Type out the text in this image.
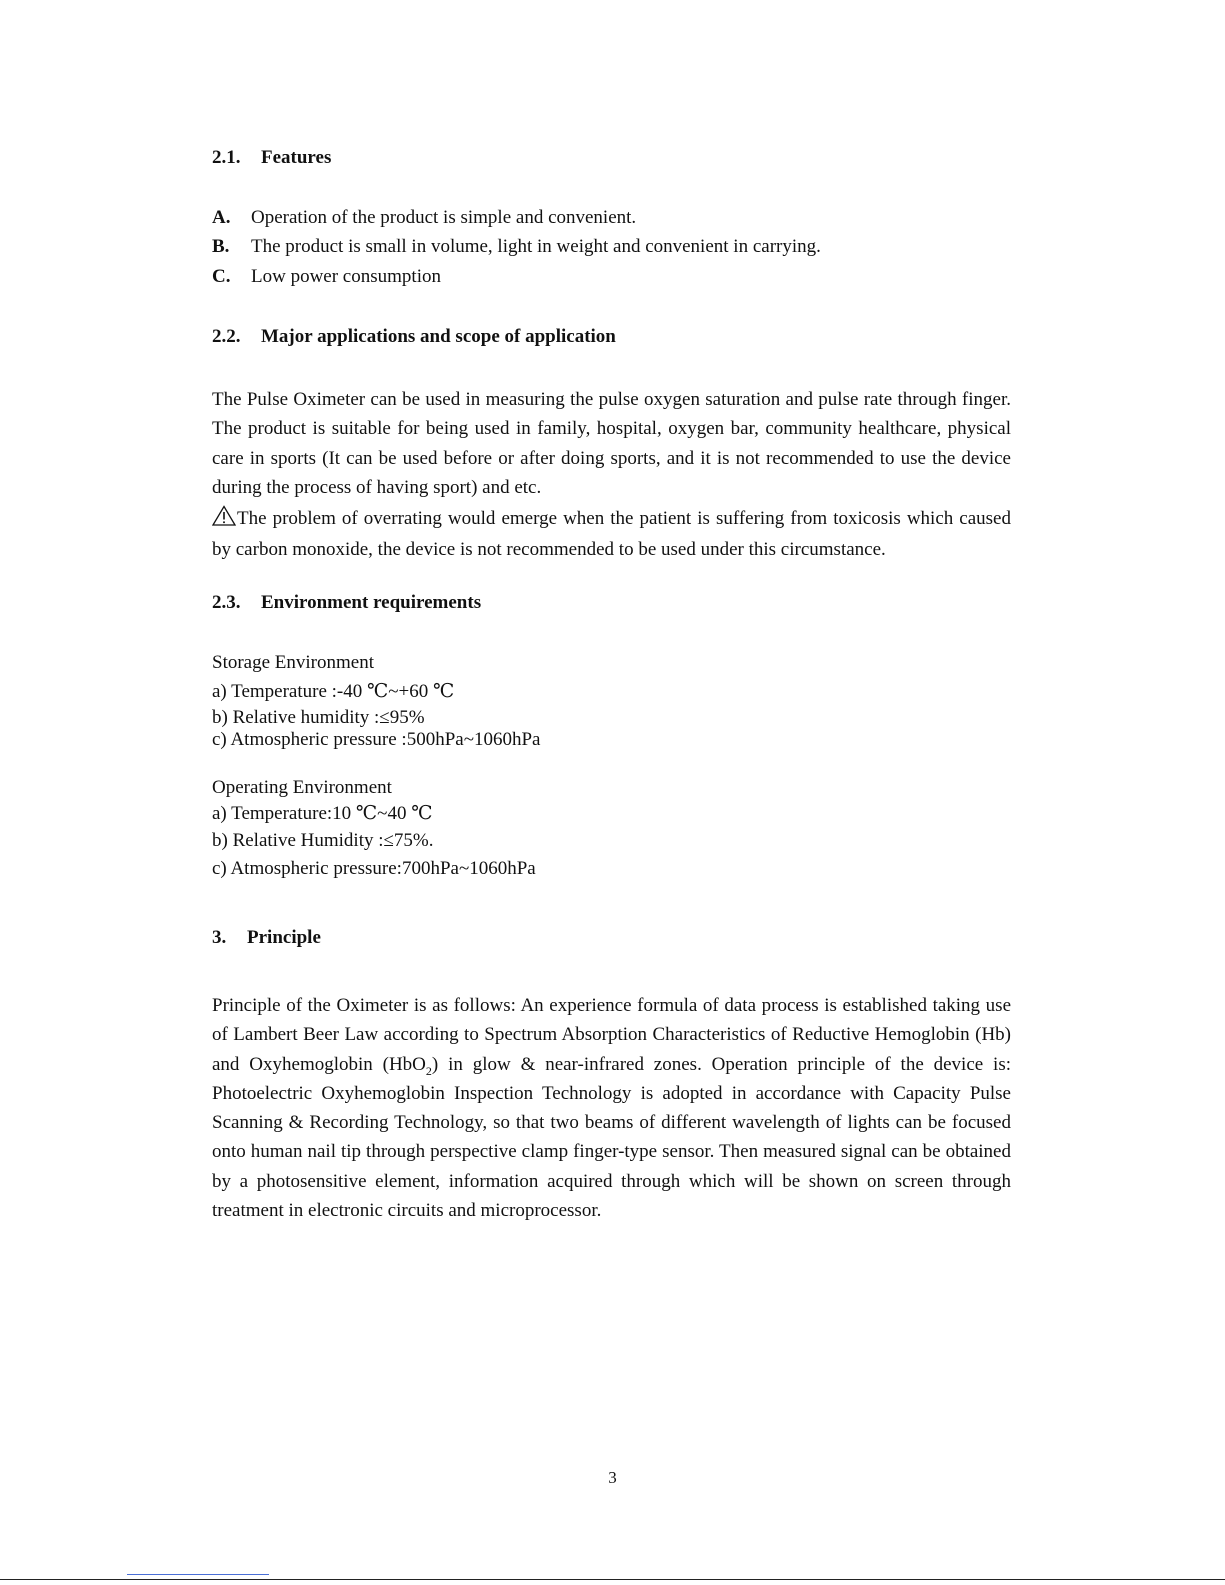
2.1. Features
A. Operation of the product is simple and convenient.
B. The product is small in volume, light in weight and convenient in carrying.
C. Low power consumption
2.2. Major applications and scope of application
The Pulse Oximeter can be used in measuring the pulse oxygen saturation and pulse rate through finger. The product is suitable for being used in family, hospital, oxygen bar, community healthcare, physical care in sports (It can be used before or after doing sports, and it is not recommended to use the device during the process of having sport) and etc.
The problem of overrating would emerge when the patient is suffering from toxicosis which caused by carbon monoxide, the device is not recommended to be used under this circumstance.
2.3. Environment requirements
Storage Environment
a) Temperature :-40 ℃~+60 ℃
b) Relative humidity :≤95%
c) Atmospheric pressure :500hPa~1060hPa
Operating Environment
a) Temperature:10 ℃~40 ℃
b) Relative Humidity :≤75%.
c) Atmospheric pressure:700hPa~1060hPa
3. Principle
Principle of the Oximeter is as follows: An experience formula of data process is established taking use of Lambert Beer Law according to Spectrum Absorption Characteristics of Reductive Hemoglobin (Hb) and Oxyhemoglobin (HbO$_2$) in glow & near-infrared zones. Operation principle of the device is: Photoelectric Oxyhemoglobin Inspection Technology is adopted in accordance with Capacity Pulse Scanning & Recording Technology, so that two beams of different wavelength of lights can be focused onto human nail tip through perspective clamp finger-type sensor. Then measured signal can be obtained by a photosensitive element, information acquired through which will be shown on screen through treatment in electronic circuits and microprocessor.
3
